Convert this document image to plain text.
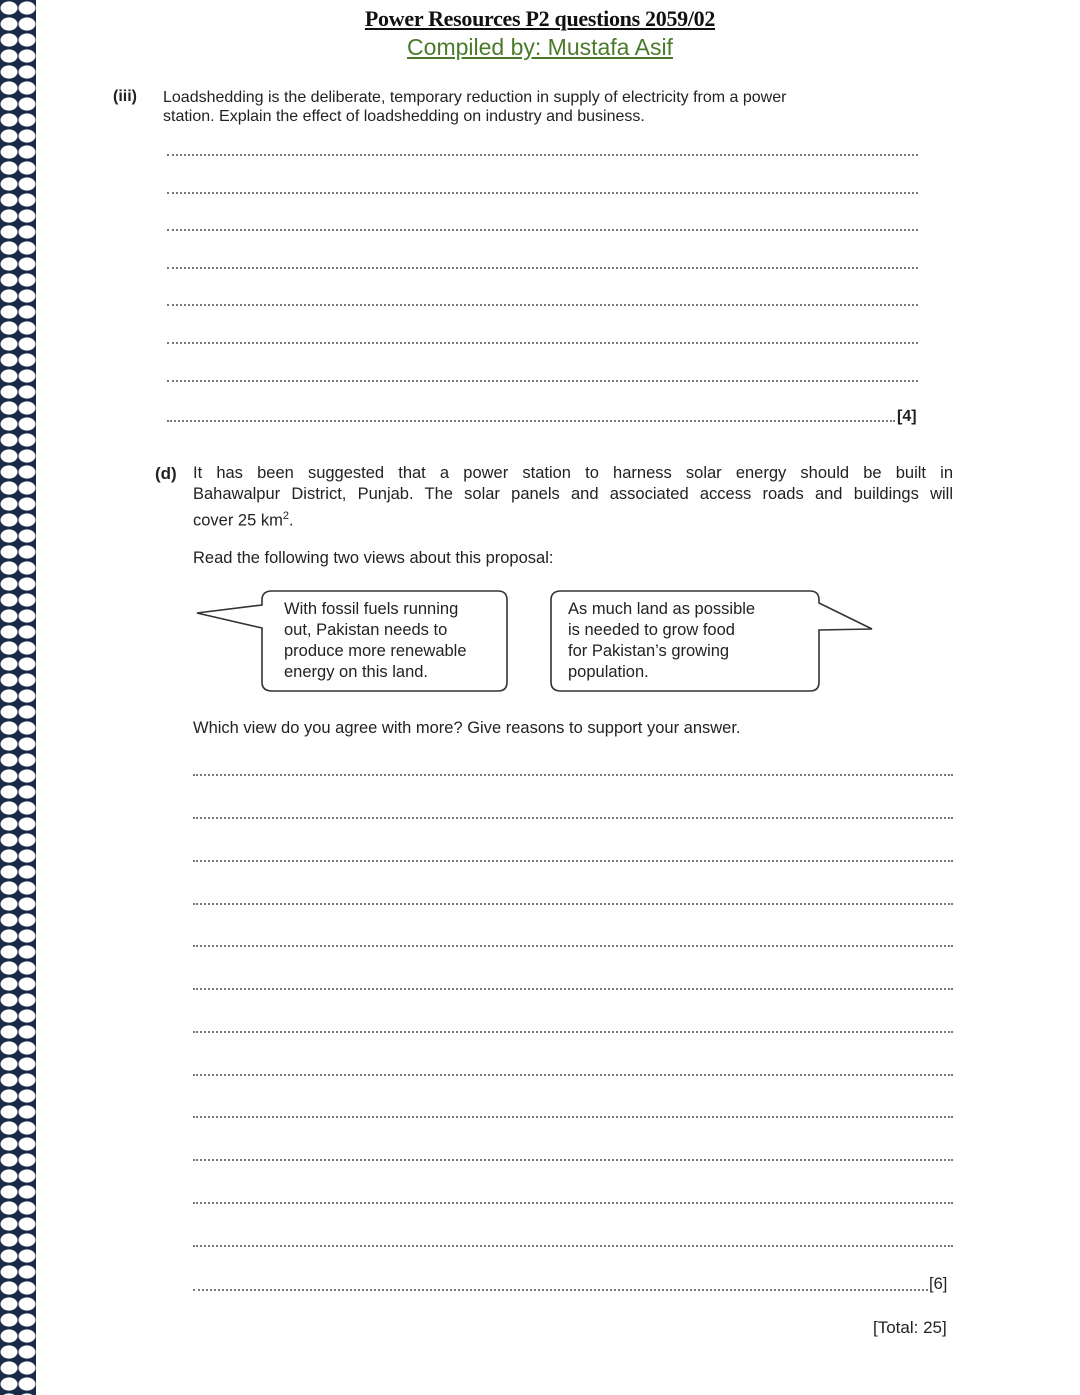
Power Resources P2 questions 2059/02
Compiled by: Mustafa Asif
(iii) Loadshedding is the deliberate, temporary reduction in supply of electricity from a power
station. Explain the effect of loadshedding on industry and business.
[4]
(d) It has been suggested that a power station to harness solar energy should be built in
Bahawalpur District, Punjab. The solar panels and associated access roads and buildings will
cover 25 $km^2$.
Read the following two views about this proposal:
With fossil fuels running
out, Pakistan needs to
produce more renewable
energy on this land.
As much land as possible
is needed to grow food
for Pakistan’s growing
population.
Which view do you agree with more? Give reasons to support your answer.
[6]
[Total: 25]
